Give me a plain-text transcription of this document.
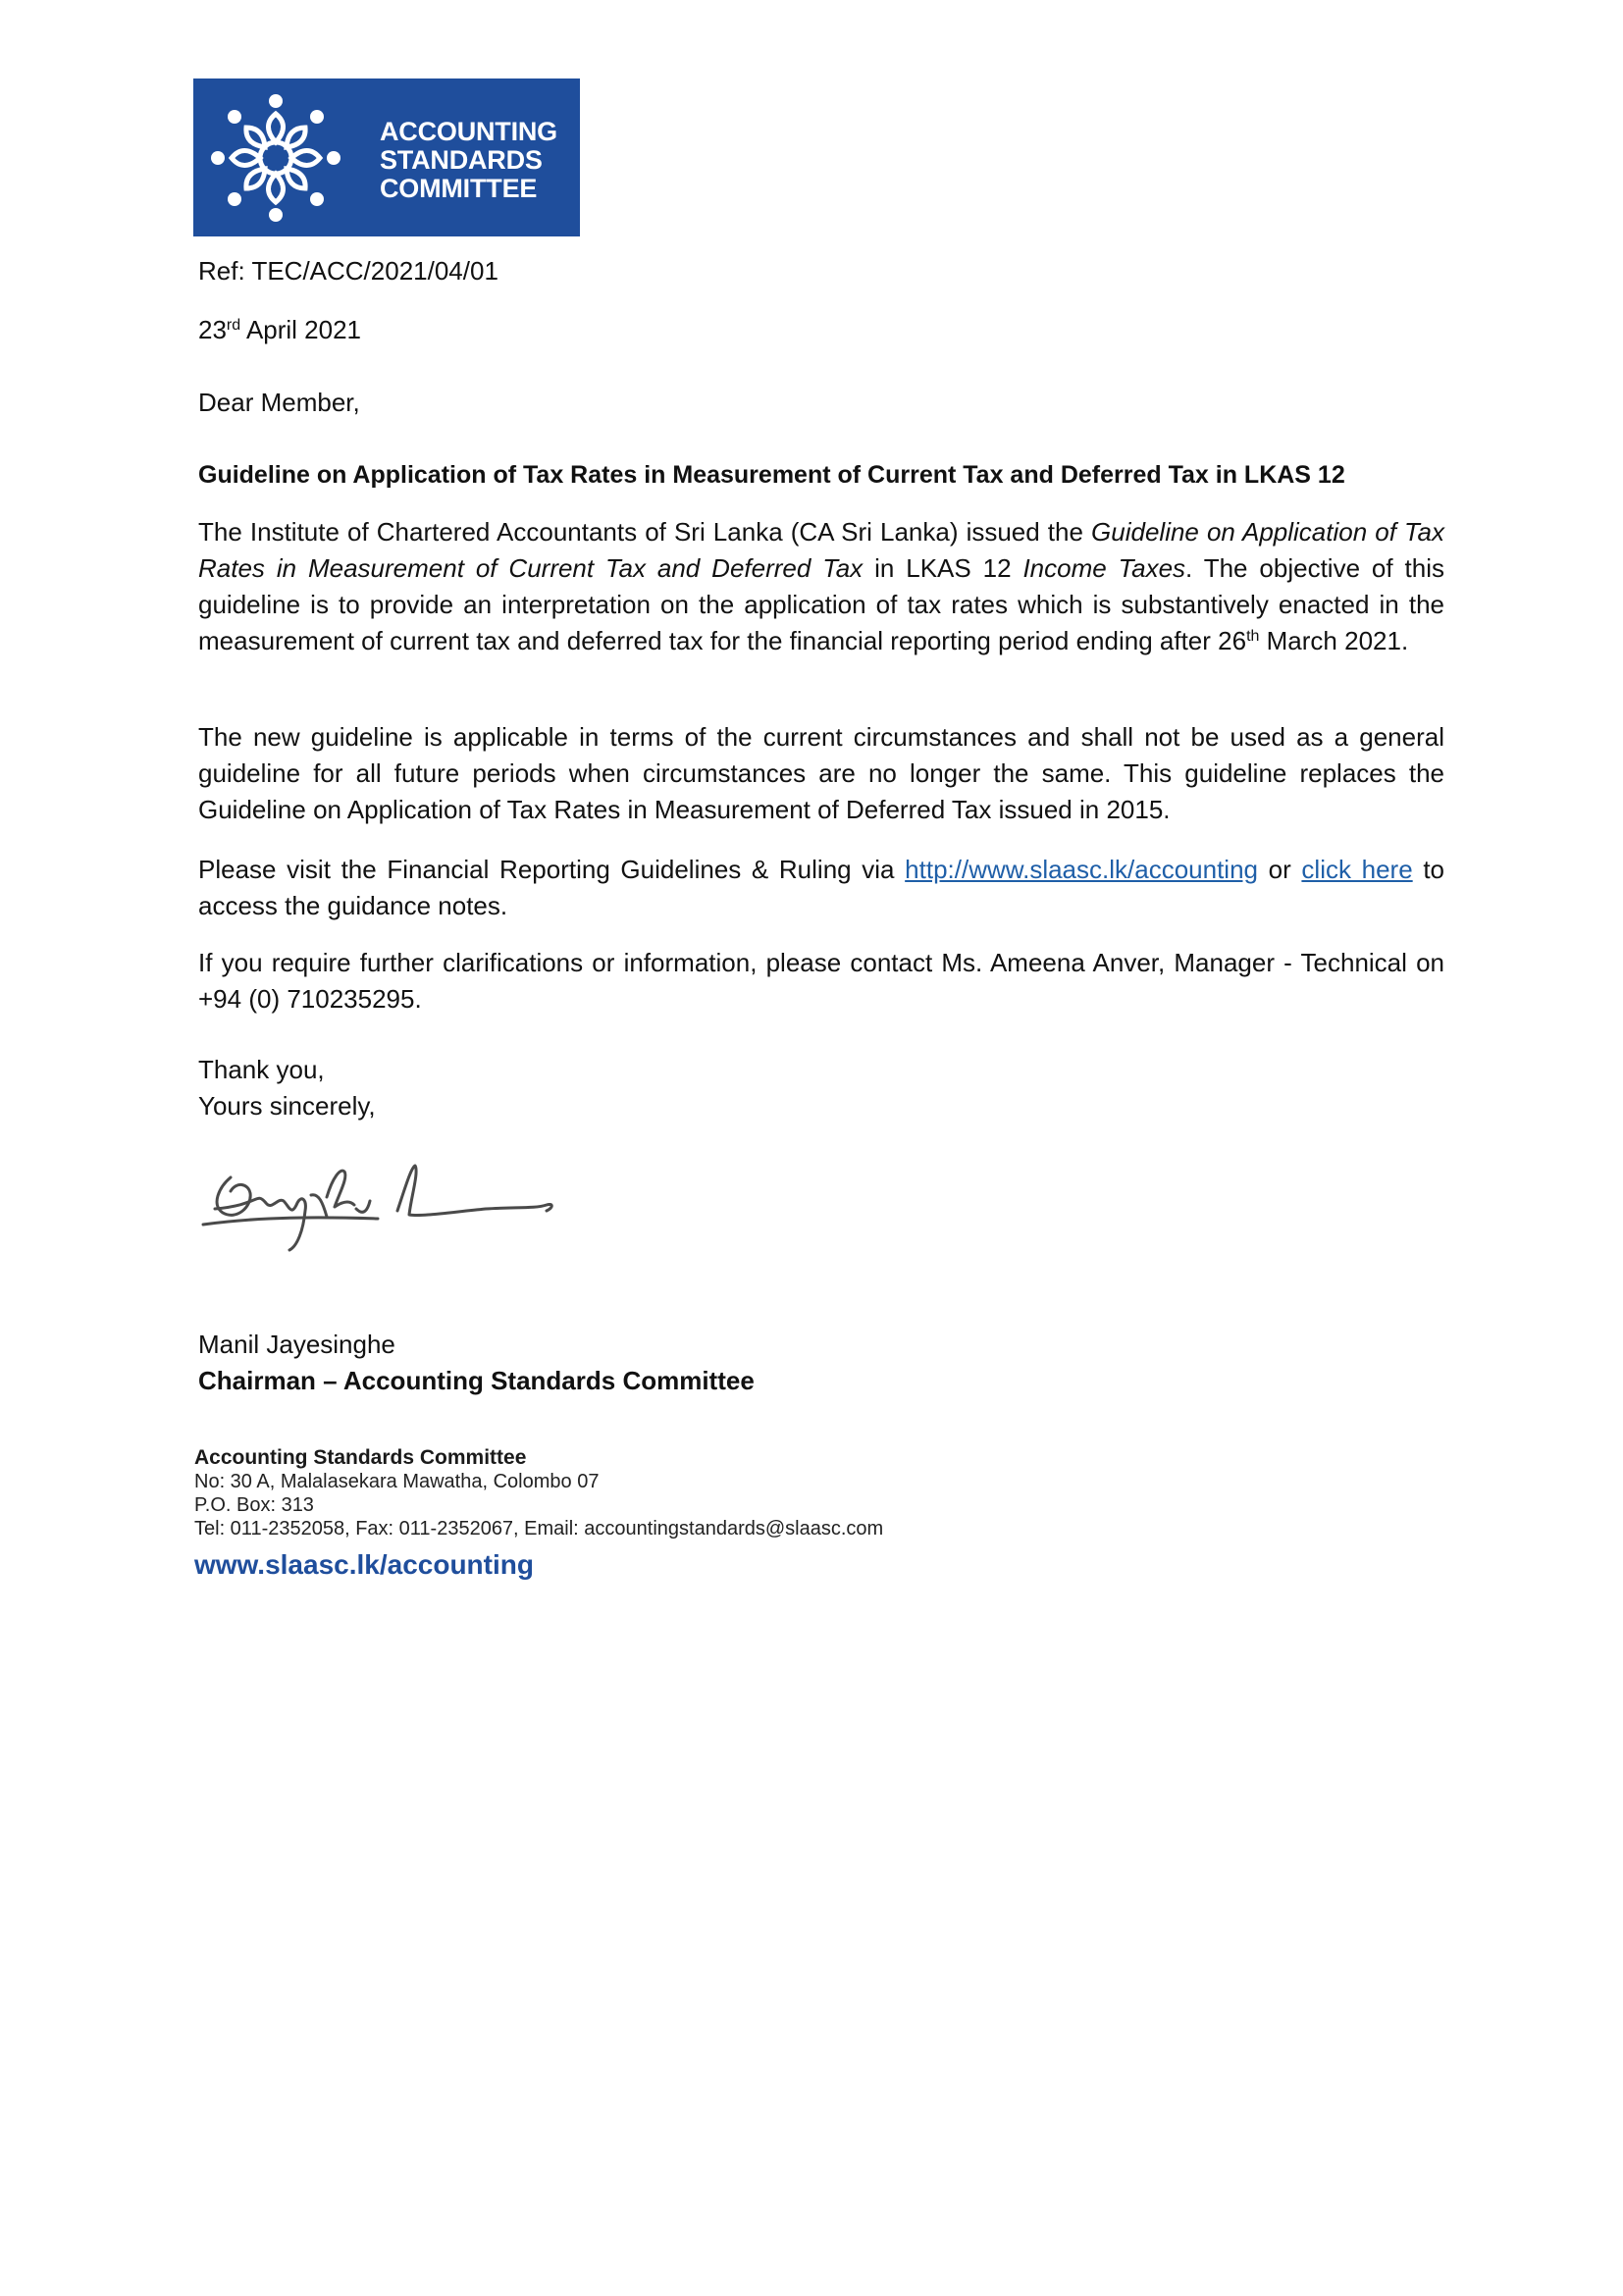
ACCOUNTING
STANDARDS
COMMITTEE
Ref: TEC/ACC/2021/04/01
23rd April 2021
Dear Member,
Guideline on Application of Tax Rates in Measurement of Current Tax and Deferred Tax in LKAS 12
The Institute of Chartered Accountants of Sri Lanka (CA Sri Lanka) issued the Guideline on Application of Tax Rates in Measurement of Current Tax and Deferred Tax in LKAS 12 Income Taxes. The objective of this guideline is to provide an interpretation on the application of tax rates which is substantively enacted in the measurement of current tax and deferred tax for the financial reporting period ending after 26th March 2021.
The new guideline is applicable in terms of the current circumstances and shall not be used as a general guideline for all future periods when circumstances are no longer the same. This guideline replaces the Guideline on Application of Tax Rates in Measurement of Deferred Tax issued in 2015.
Please visit the Financial Reporting Guidelines & Ruling via http://www.slaasc.lk/accounting or click here to access the guidance notes.
If you require further clarifications or information, please contact Ms. Ameena Anver, Manager - Technical on +94 (0) 710235295.
Thank you,
Yours sincerely,
Manil Jayesinghe
Chairman – Accounting Standards Committee
Accounting Standards Committee
No: 30 A, Malalasekara Mawatha, Colombo 07
P.O. Box: 313
Tel: 011-2352058, Fax: 011-2352067, Email: accountingstandards@slaasc.com
www.slaasc.lk/accounting
